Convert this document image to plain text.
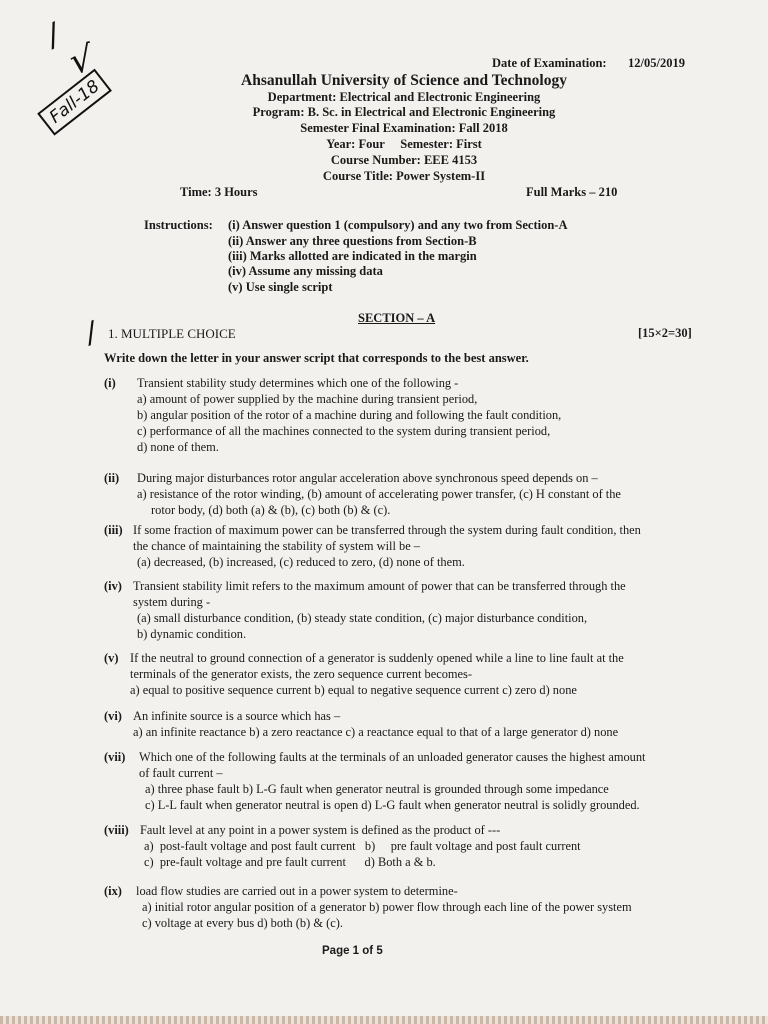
∕
√
Fall-18
Date of Examination: 12/05/2019
Ahsanullah University of Science and Technology
Department: Electrical and Electronic Engineering
Program: B. Sc. in Electrical and Electronic Engineering
Semester Final Examination: Fall 2018
Year: Four     Semester: First
Course Number: EEE 4153
Course Title: Power System-II
Time: 3 Hours	Full Marks – 210
Instructions: (i) Answer question 1 (compulsory) and any two from Section-A
(ii) Answer any three questions from Section-B
(iii) Marks allotted are indicated in the margin
(iv) Assume any missing data
(v) Use single script
SECTION – A
∕ 1. MULTIPLE CHOICE	[15×2=30]
Write down the letter in your answer script that corresponds to the best answer.
(i) Transient stability study determines which one of the following -
a) amount of power supplied by the machine during transient period,
b) angular position of the rotor of a machine during and following the fault condition,
c) performance of all the machines connected to the system during transient period,
d) none of them.
(ii) During major disturbances rotor angular acceleration above synchronous speed depends on –
a) resistance of the rotor winding, (b) amount of accelerating power transfer, (c) H constant of the
rotor body, (d) both (a) & (b), (c) both (b) & (c).
(iii) If some fraction of maximum power can be transferred through the system during fault condition, then
the chance of maintaining the stability of system will be –
(a) decreased, (b) increased, (c) reduced to zero, (d) none of them.
(iv) Transient stability limit refers to the maximum amount of power that can be transferred through the
system during -
(a) small disturbance condition, (b) steady state condition, (c) major disturbance condition,
b) dynamic condition.
(v) If the neutral to ground connection of a generator is suddenly opened while a line to line fault at the
terminals of the generator exists, the zero sequence current becomes-
a) equal to positive sequence current b) equal to negative sequence current c) zero d) none
(vi) An infinite source is a source which has –
a) an infinite reactance b) a zero reactance c) a reactance equal to that of a large generator d) none
(vii) Which one of the following faults at the terminals of an unloaded generator causes the highest amount
of fault current –
a) three phase fault b) L-G fault when generator neutral is grounded through some impedance
c) L-L fault when generator neutral is open d) L-G fault when generator neutral is solidly grounded.
(viii) Fault level at any point in a power system is defined as the product of ---
a)  post-fault voltage and post fault current   b)     pre fault voltage and post fault current
c)  pre-fault voltage and pre fault current      d) Both a & b.
(ix) load flow studies are carried out in a power system to determine-
a) initial rotor angular position of a generator b) power flow through each line of the power system
c) voltage at every bus d) both (b) & (c).
Page 1 of 5
